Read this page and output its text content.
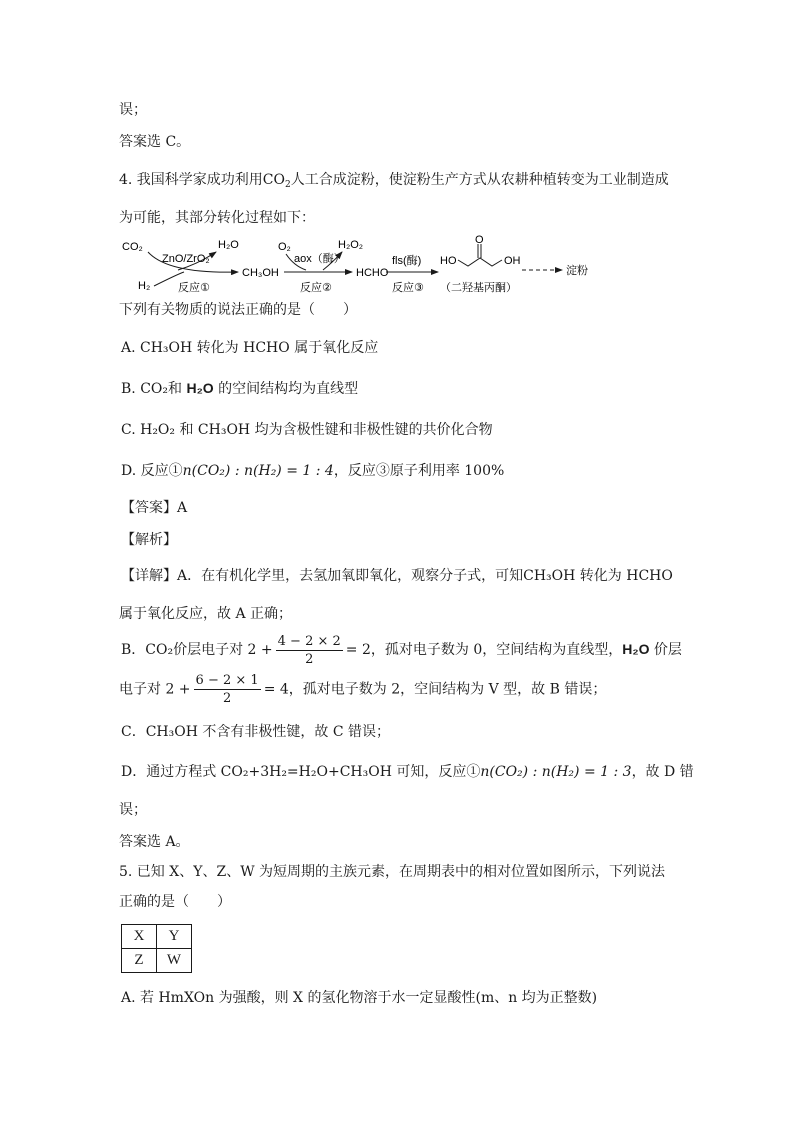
误；
答案选 C。
4. 我国科学家成功利用$CO_2$人工合成淀粉，使淀粉生产方式从农耕种植转变为工业制造成
为可能，其部分转化过程如下：
CO₂
H₂
ZnO/ZrO₂
H₂O
反应①
CH₃OH
O₂
aox（酶）
H₂O₂
反应②
HCHO
fls(酶)
反应③
HO
O
OH
（二羟基丙酮）
淀粉
下列有关物质的说法正确的是（　　）
A. CH₃OH 转化为 HCHO 属于氧化反应
B. CO₂和 H₂O 的空间结构均为直线型
C. H₂O₂ 和 CH₃OH 均为含极性键和非极性键的共价化合物
D. 反应①n(CO₂) : n(H₂) = 1 : 4，反应③原子利用率 100%
【答案】A
【解析】
【详解】A．在有机化学里，去氢加氧即氧化，观察分子式，可知CH₃OH 转化为 HCHO
属于氧化反应，故 A 正确；
B．CO₂价层电子对 $2 + \frac{4 - 2 \times 2}{2} = 2$，孤对电子数为 0，空间结构为直线型，H₂O 价层
电子对 $2 + \frac{6 - 2 \times 1}{2} = 4$，孤对电子数为 2，空间结构为 V 型，故 B 错误；
C．CH₃OH 不含有非极性键，故 C 错误；
D．通过方程式 CO₂+3H₂=H₂O+CH₃OH 可知，反应①n(CO₂) : n(H₂) = 1 : 3，故 D 错
误；
答案选 A。
5. 已知 X、Y、Z、W 为短周期的主族元素，在周期表中的相对位置如图所示，下列说法
正确的是（　　）
X	Y
Z	W
A. 若 HmXOn 为强酸，则 X 的氢化物溶于水一定显酸性(m、n 均为正整数)
